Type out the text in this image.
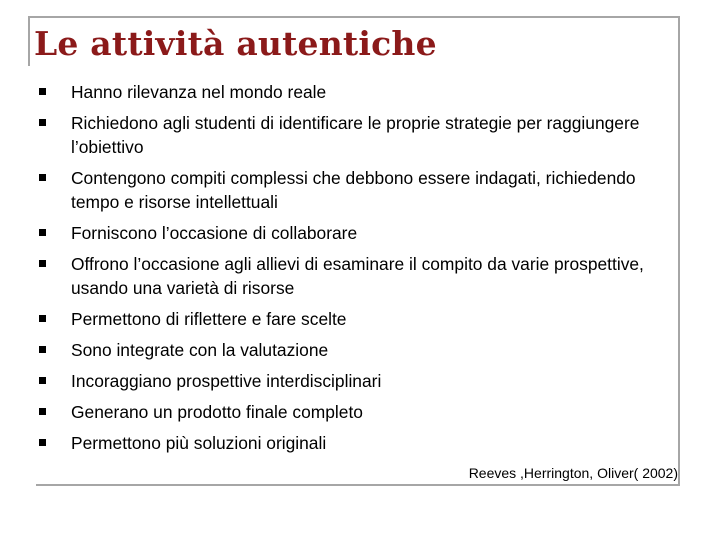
Le attività autentiche
Hanno rilevanza nel mondo reale
Richiedono agli studenti di identificare le proprie strategie per raggiungere l’obiettivo
Contengono compiti complessi che debbono essere indagati, richiedendo tempo e risorse intellettuali
Forniscono l’occasione di collaborare
Offrono l’occasione agli allievi di esaminare il compito da varie prospettive, usando una varietà di risorse
Permettono di riflettere e fare scelte
Sono integrate con la valutazione
Incoraggiano prospettive interdisciplinari
Generano un prodotto finale completo
Permettono più soluzioni originali

Reeves ,Herrington, Oliver( 2002)
